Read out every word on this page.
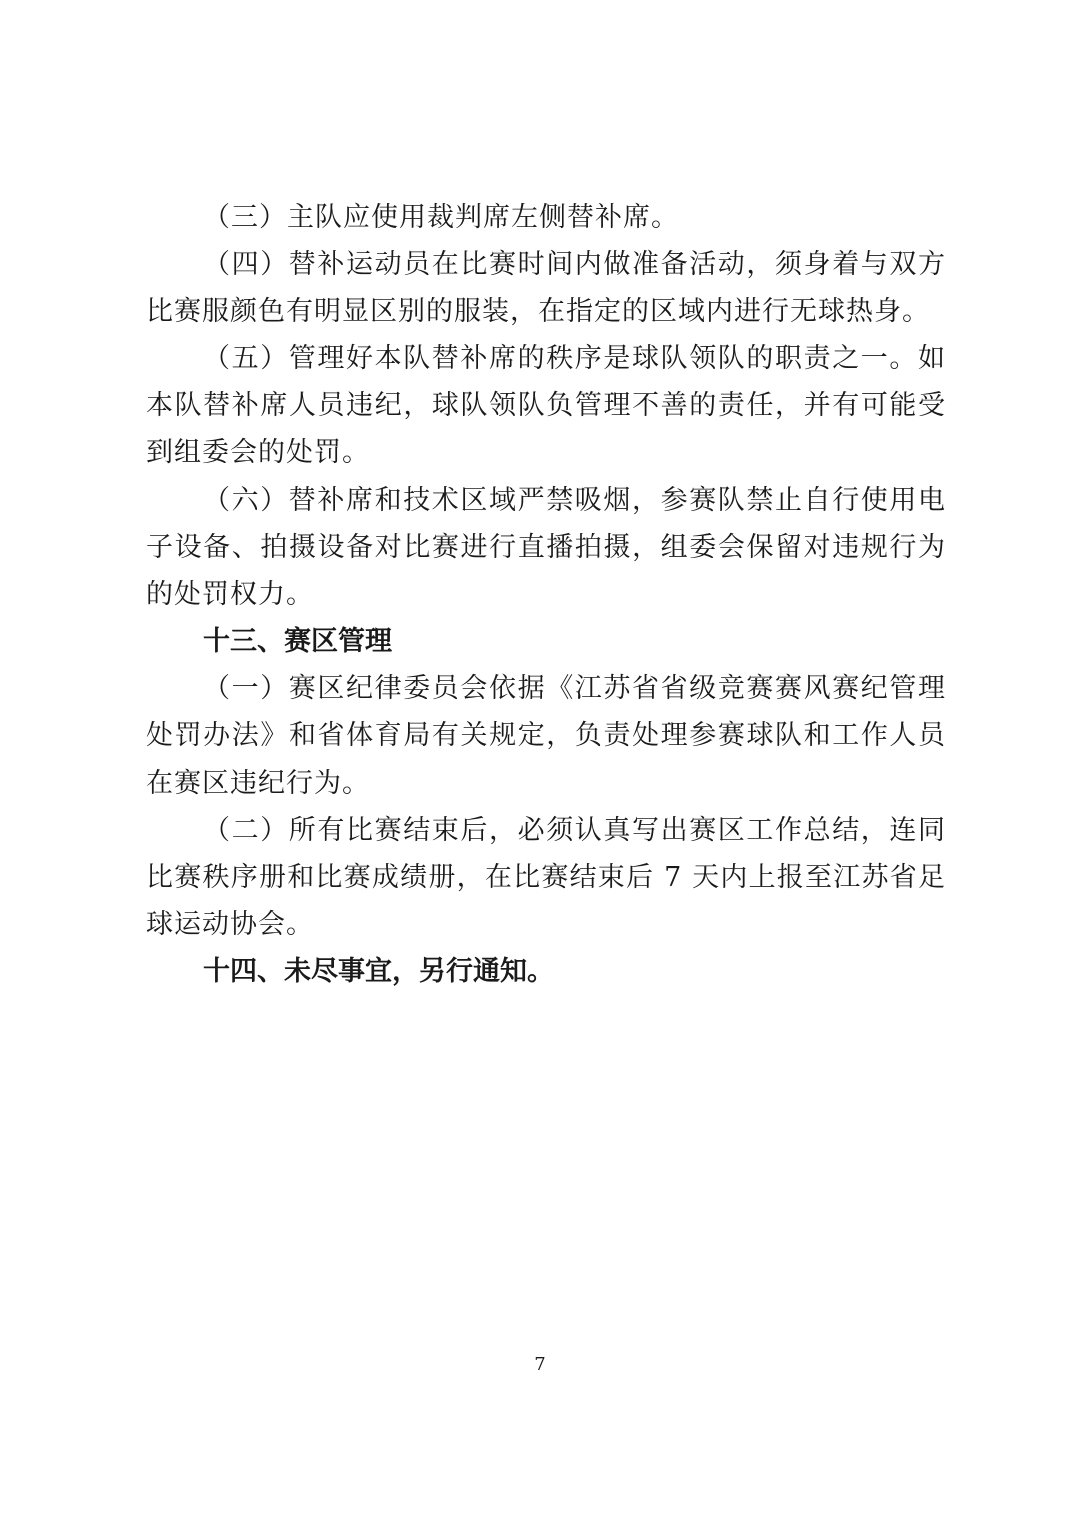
（三）主队应使用裁判席左侧替补席。
（四）替补运动员在比赛时间内做准备活动，须身着与双方
比赛服颜色有明显区别的服装，在指定的区域内进行无球热身。
（五）管理好本队替补席的秩序是球队领队的职责之一。如
本队替补席人员违纪，球队领队负管理不善的责任，并有可能受
到组委会的处罚。
（六）替补席和技术区域严禁吸烟，参赛队禁止自行使用电
子设备、拍摄设备对比赛进行直播拍摄，组委会保留对违规行为
的处罚权力。
十三、赛区管理
（一）赛区纪律委员会依据《江苏省省级竞赛赛风赛纪管理
处罚办法》和省体育局有关规定，负责处理参赛球队和工作人员
在赛区违纪行为。
（二）所有比赛结束后，必须认真写出赛区工作总结，连同
比赛秩序册和比赛成绩册，在比赛结束后 7 天内上报至江苏省足
球运动协会。
十四、未尽事宜，另行通知。
7
